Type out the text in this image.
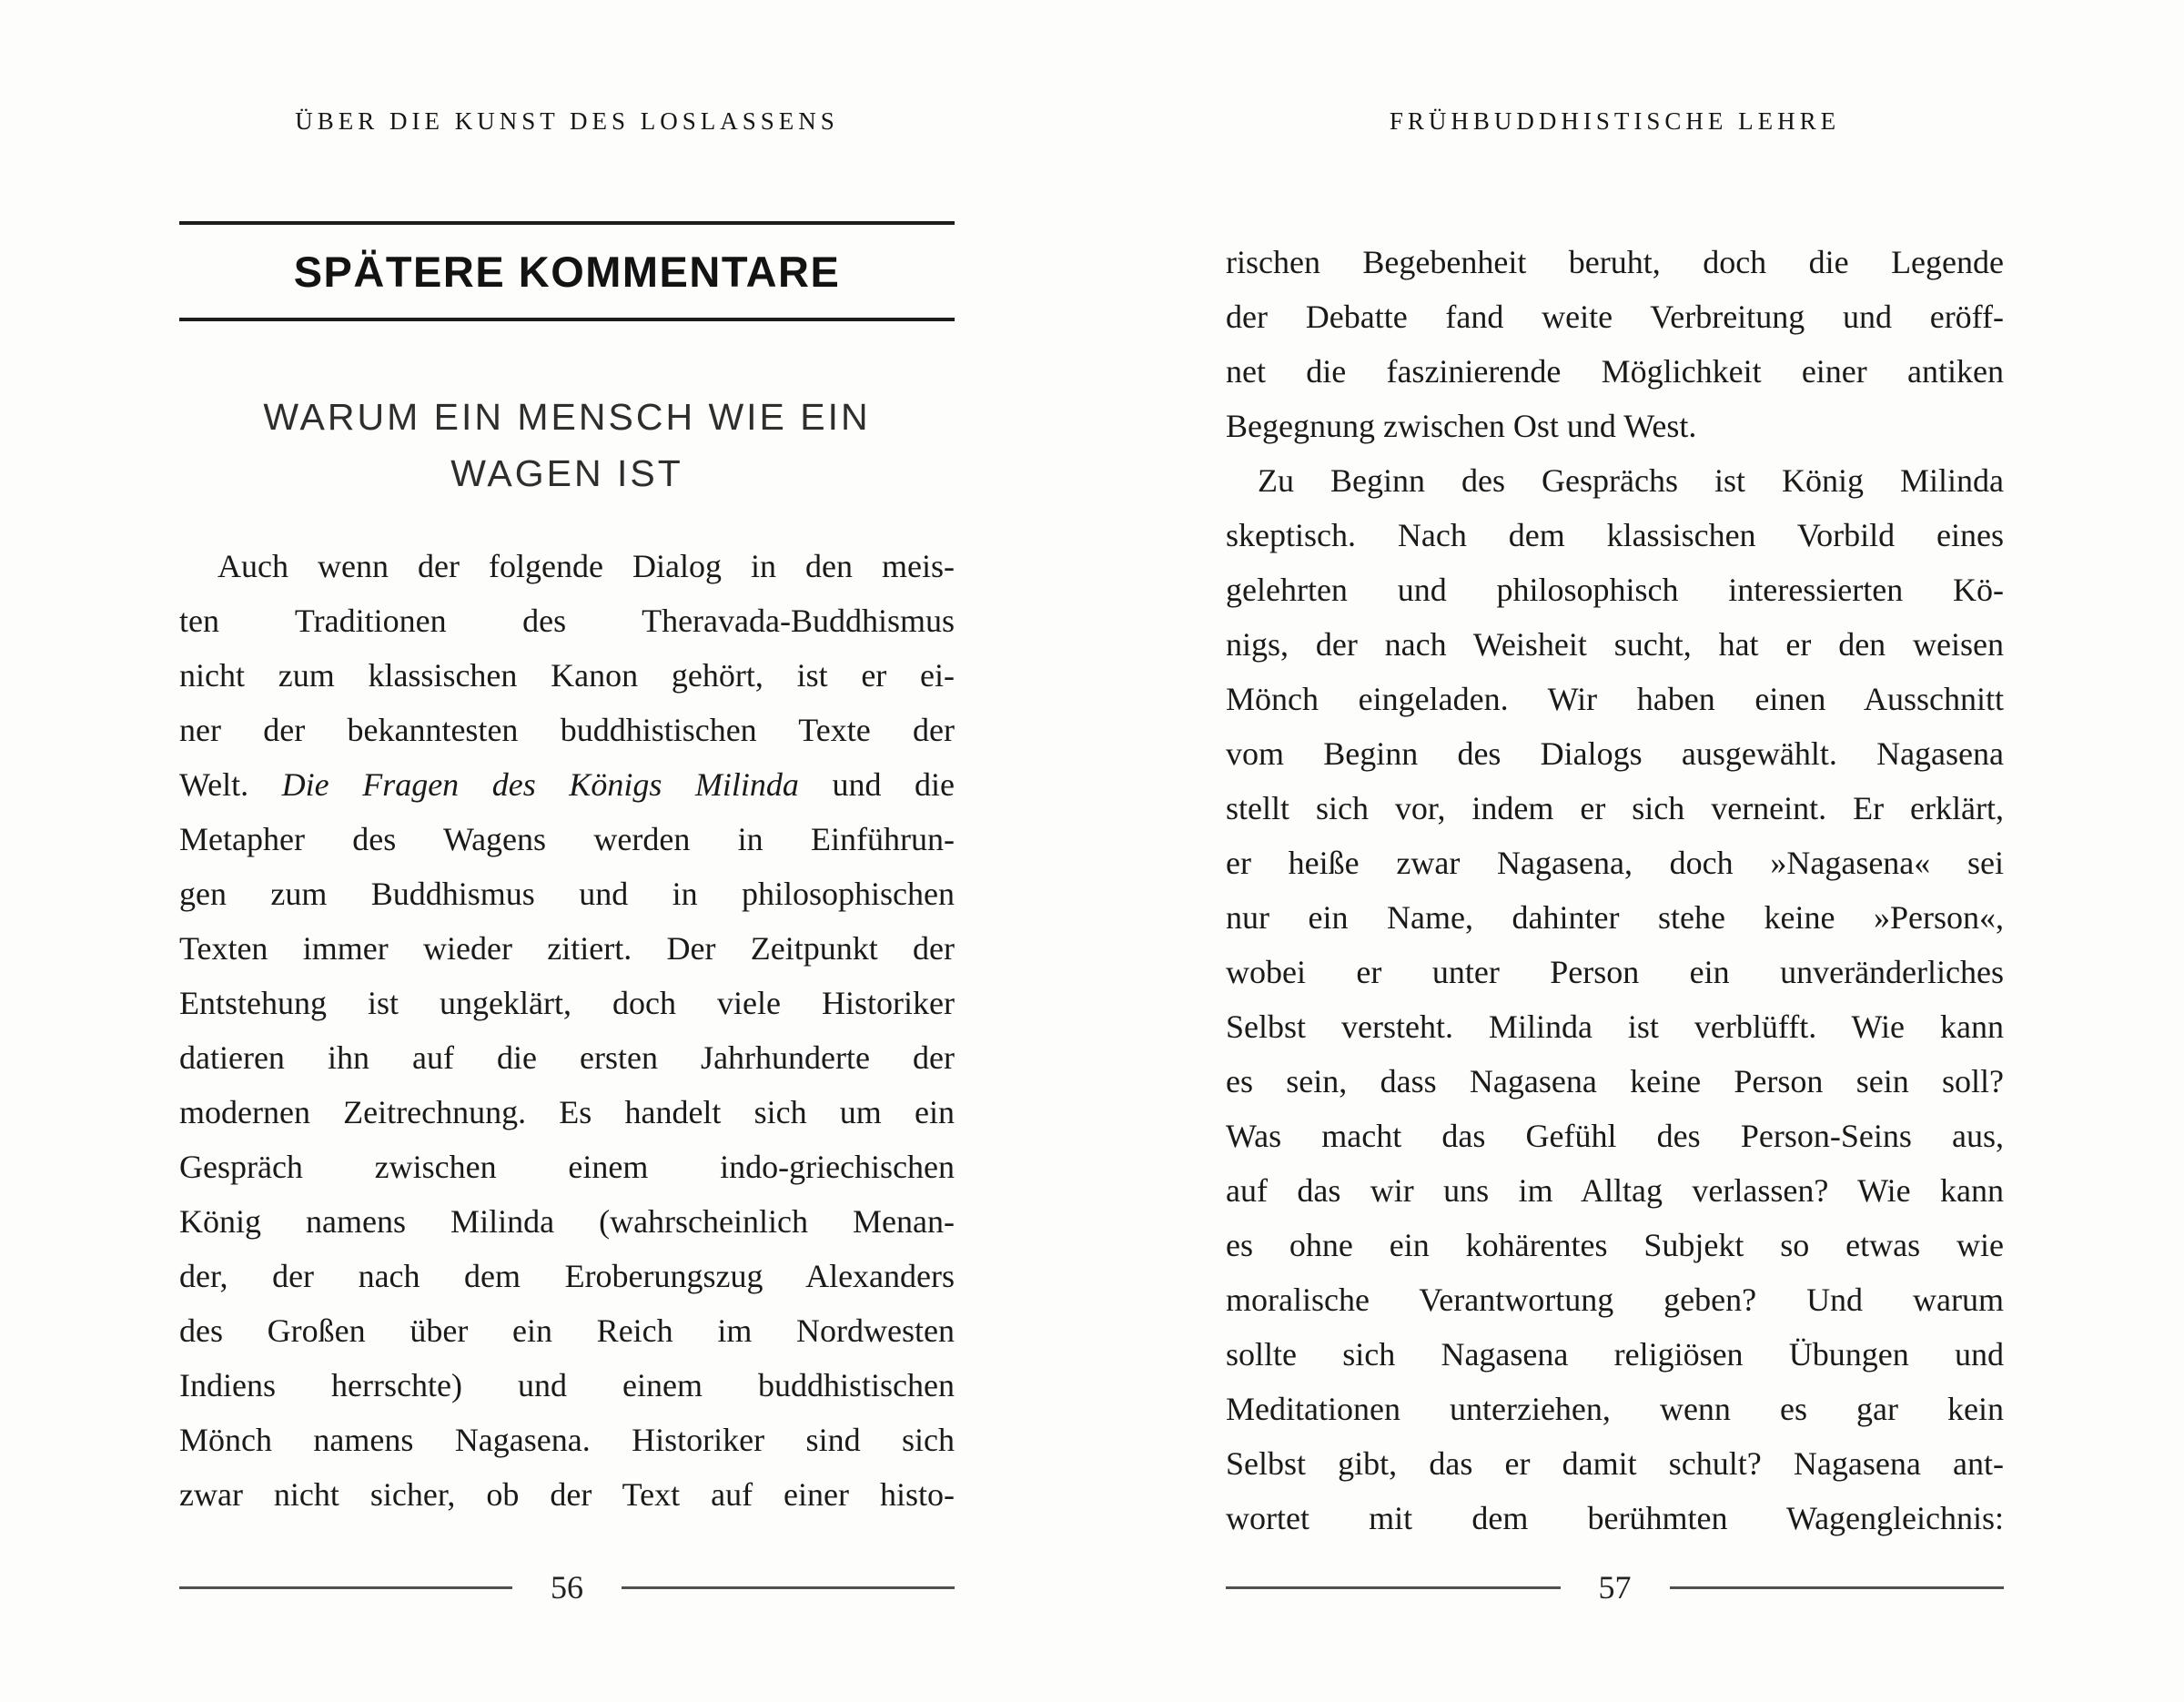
ÜBER DIE KUNST DES LOSLASSENS
SPÄTERE KOMMENTARE
WARUM EIN MENSCH WIE EIN
WAGEN IST
Auch wenn der folgende Dialog in den meis-
ten Traditionen des Theravada-Buddhismus
nicht zum klassischen Kanon gehört, ist er ei-
ner der bekanntesten buddhistischen Texte der
Welt. Die Fragen des Königs Milinda und die
Metapher des Wagens werden in Einführun-
gen zum Buddhismus und in philosophischen
Texten immer wieder zitiert. Der Zeitpunkt der
Entstehung ist ungeklärt, doch viele Historiker
datieren ihn auf die ersten Jahrhunderte der
modernen Zeitrechnung. Es handelt sich um ein
Gespräch zwischen einem indo-griechischen
König namens Milinda (wahrscheinlich Menan-
der, der nach dem Eroberungszug Alexanders
des Großen über ein Reich im Nordwesten
Indiens herrschte) und einem buddhistischen
Mönch namens Nagasena. Historiker sind sich
zwar nicht sicher, ob der Text auf einer histo-
56
FRÜHBUDDHISTISCHE LEHRE
rischen Begebenheit beruht, doch die Legende
der Debatte fand weite Verbreitung und eröff-
net die faszinierende Möglichkeit einer antiken
Begegnung zwischen Ost und West.
Zu Beginn des Gesprächs ist König Milinda
skeptisch. Nach dem klassischen Vorbild eines
gelehrten und philosophisch interessierten Kö-
nigs, der nach Weisheit sucht, hat er den weisen
Mönch eingeladen. Wir haben einen Ausschnitt
vom Beginn des Dialogs ausgewählt. Nagasena
stellt sich vor, indem er sich verneint. Er erklärt,
er heiße zwar Nagasena, doch »Nagasena« sei
nur ein Name, dahinter stehe keine »Person«,
wobei er unter Person ein unveränderliches
Selbst versteht. Milinda ist verblüfft. Wie kann
es sein, dass Nagasena keine Person sein soll?
Was macht das Gefühl des Person-Seins aus,
auf das wir uns im Alltag verlassen? Wie kann
es ohne ein kohärentes Subjekt so etwas wie
moralische Verantwortung geben? Und warum
sollte sich Nagasena religiösen Übungen und
Meditationen unterziehen, wenn es gar kein
Selbst gibt, das er damit schult? Nagasena ant-
wortet mit dem berühmten Wagengleichnis:
57
